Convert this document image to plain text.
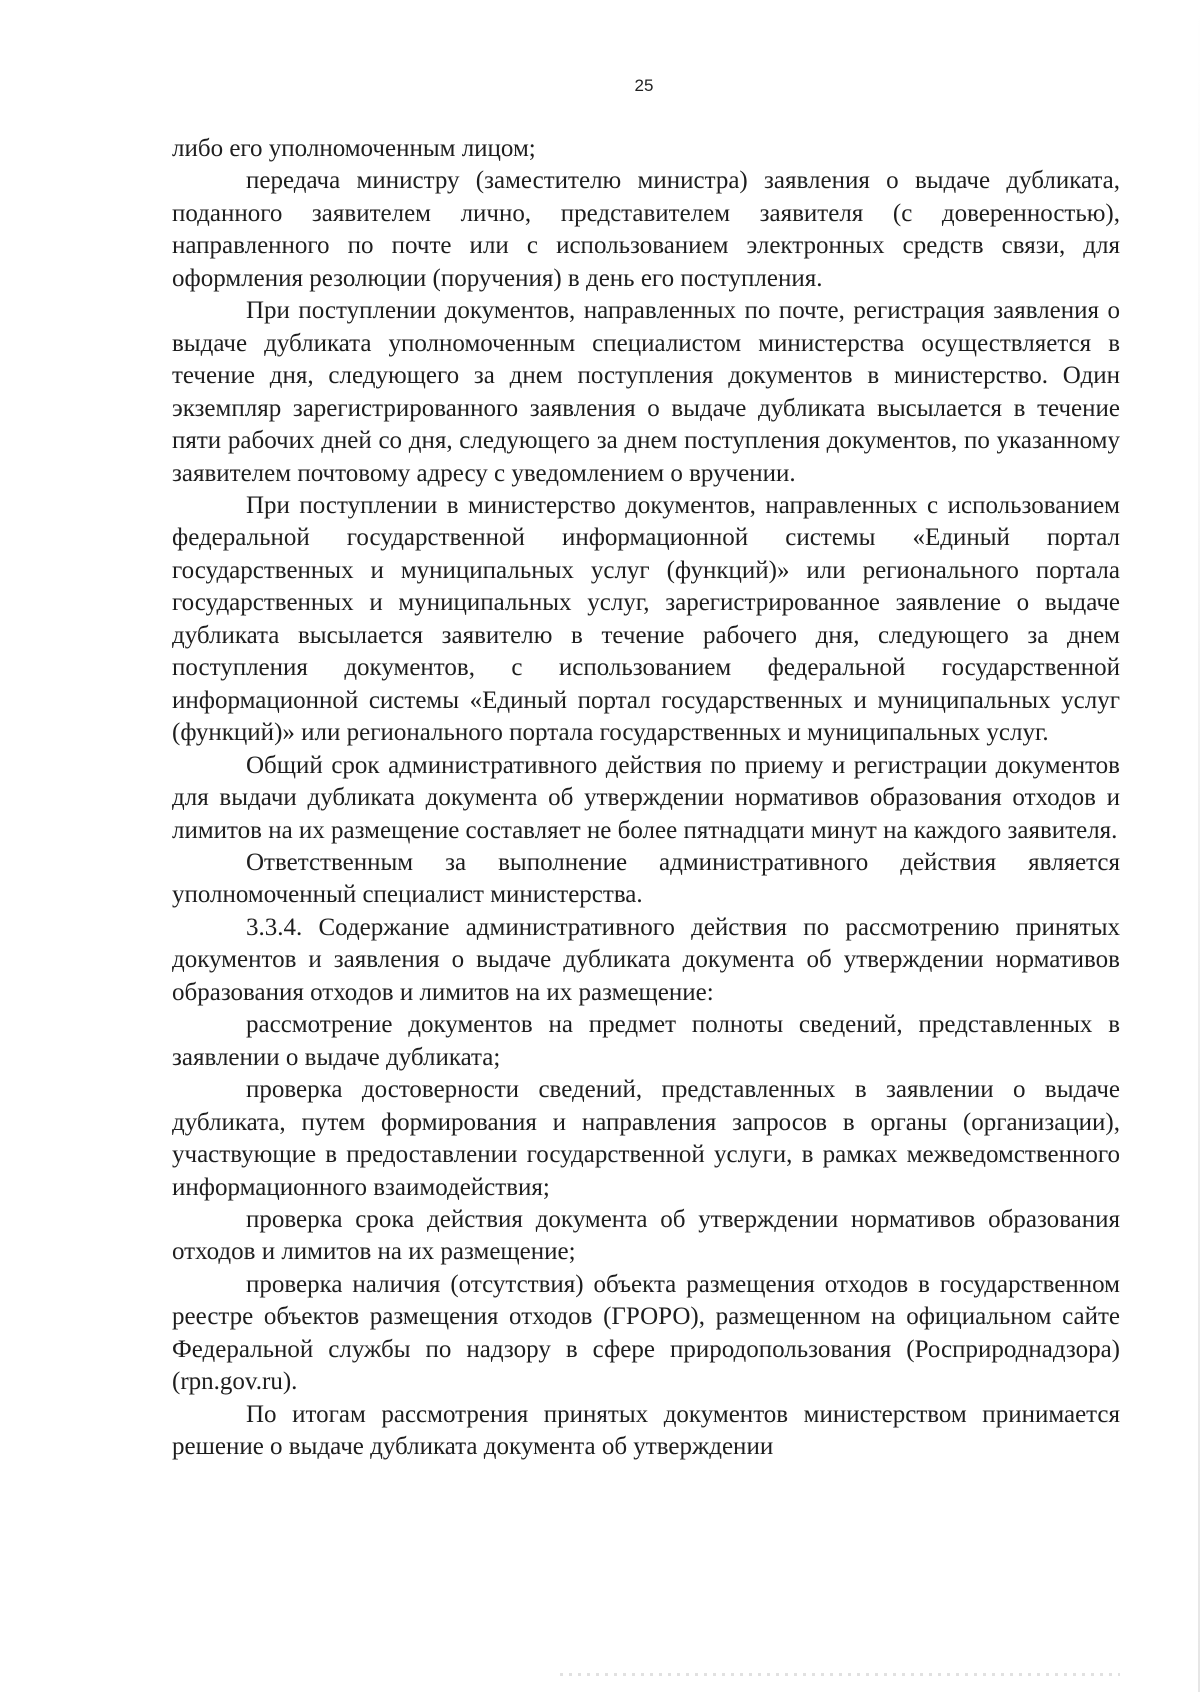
25

либо его уполномоченным лицом;

передача министру (заместителю министра) заявления о выдаче дубликата, поданного заявителем лично, представителем заявителя (с доверенностью), направленного по почте или с использованием электронных средств связи, для оформления резолюции (поручения) в день его поступления.

При поступлении документов, направленных по почте, регистрация заявления о выдаче дубликата уполномоченным специалистом министерства осуществляется в течение дня, следующего за днем поступления документов в министерство. Один экземпляр зарегистрированного заявления о выдаче дубликата высылается в течение пяти рабочих дней со дня, следующего за днем поступления документов, по указанному заявителем почтовому адресу с уведомлением о вручении.

При поступлении в министерство документов, направленных с использованием федеральной государственной информационной системы «Единый портал государственных и муниципальных услуг (функций)» или регионального портала государственных и муниципальных услуг, зарегистрированное заявление о выдаче дубликата высылается заявителю в течение рабочего дня, следующего за днем поступления документов, с использованием федеральной государственной информационной системы «Единый портал государственных и муниципальных услуг (функций)» или регионального портала государственных и муниципальных услуг.

Общий срок административного действия по приему и регистрации документов для выдачи дубликата документа об утверждении нормативов образования отходов и лимитов на их размещение составляет не более пятнадцати минут на каждого заявителя.

Ответственным за выполнение административного действия является уполномоченный специалист министерства.

3.3.4. Содержание административного действия по рассмотрению принятых документов и заявления о выдаче дубликата документа об утверждении нормативов образования отходов и лимитов на их размещение:

рассмотрение документов на предмет полноты сведений, представленных в заявлении о выдаче дубликата;

проверка достоверности сведений, представленных в заявлении о выдаче дубликата, путем формирования и направления запросов в органы (организации), участвующие в предоставлении государственной услуги, в рамках межведомственного информационного взаимодействия;

проверка срока действия документа об утверждении нормативов образования отходов и лимитов на их размещение;

проверка наличия (отсутствия) объекта размещения отходов в государственном реестре объектов размещения отходов (ГРОРО), размещенном на официальном сайте Федеральной службы по надзору в сфере природопользования (Росприроднадзора) (rpn.gov.ru).

По итогам рассмотрения принятых документов министерством принимается решение о выдаче дубликата документа об утверждении
